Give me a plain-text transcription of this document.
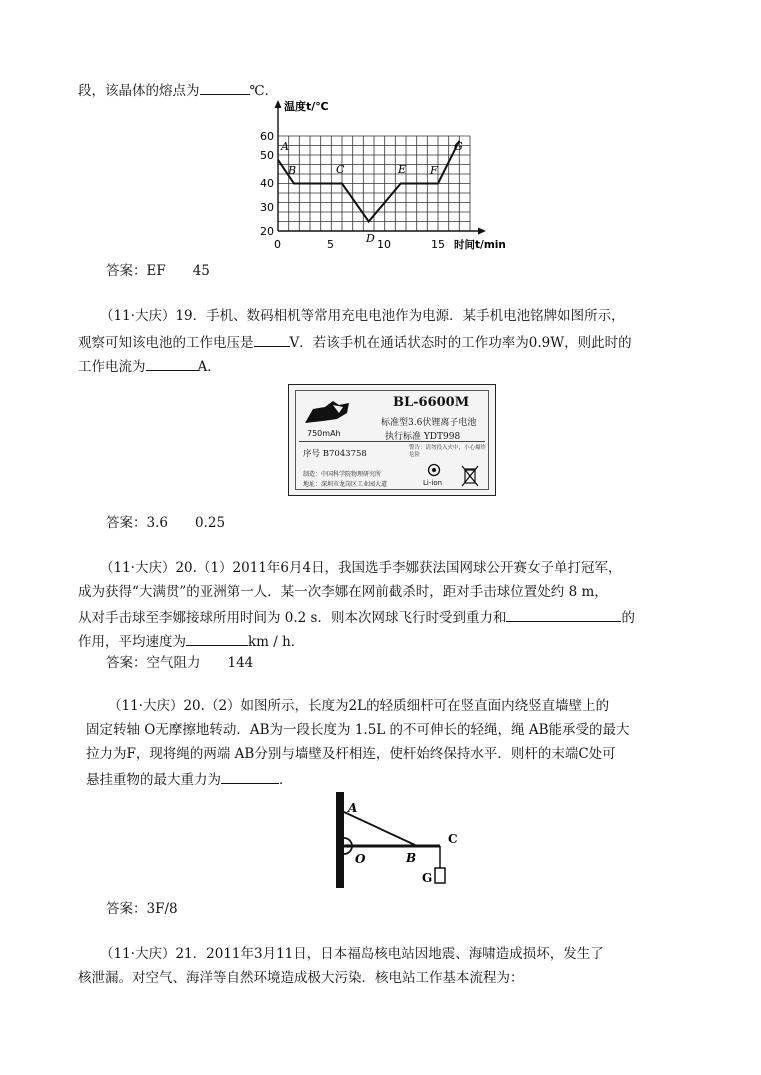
段，该晶体的熔点为	℃．
A
B	C
D
E F
G
60
50
40
30
20
0	5	10	15
温度t/℃
时间t/min
答案：EF　　45
（11·大庆）19．手机、数码相机等常用充电电池作为电源．某手机电池铭牌如图所示，
观察可知该电池的工作电压是	V．若该手机在通话状态时的工作功率为0.9W，则此时的
工作电流为	A．
BL-6600M
标准型3.6伏锂离子电池
执行标准 YDT998
750mAh
序号 B7043758
警告：请勿投入火中，小心爆炸危险
制造：中国科学院物理研究所
地址：深圳市龙岗区工业园大道	Li-ion
答案：3.6　　0.25
（11·大庆）20.（1）2011年6月4日，我国选手李娜获法国网球公开赛女子单打冠军，
成为获得“大满贯”的亚洲第一人．某一次李娜在网前截杀时，距对手击球位置处约 8 m，
从对手击球至李娜接球所用时间为 0.2 s．则本次网球飞行时受到重力和	的
作用，平均速度为	km / h．
答案：空气阻力　　144
（11·大庆）20.（2）如图所示，长度为2L的轻质细杆可在竖直面内绕竖直墙壁上的
固定转轴 O无摩擦地转动．AB为一段长度为 1.5L 的不可伸长的轻绳，绳 AB能承受的最大
拉力为F，现将绳的两端 AB分别与墙壁及杆相连，使杆始终保持水平．则杆的末端C处可
悬挂重物的最大重力为	．
A
O	B
C
G
答案：3F/8
（11·大庆）21．2011年3月11日，日本福岛核电站因地震、海啸造成损坏，发生了
核泄漏。对空气、海洋等自然环境造成极大污染．核电站工作基本流程为：
